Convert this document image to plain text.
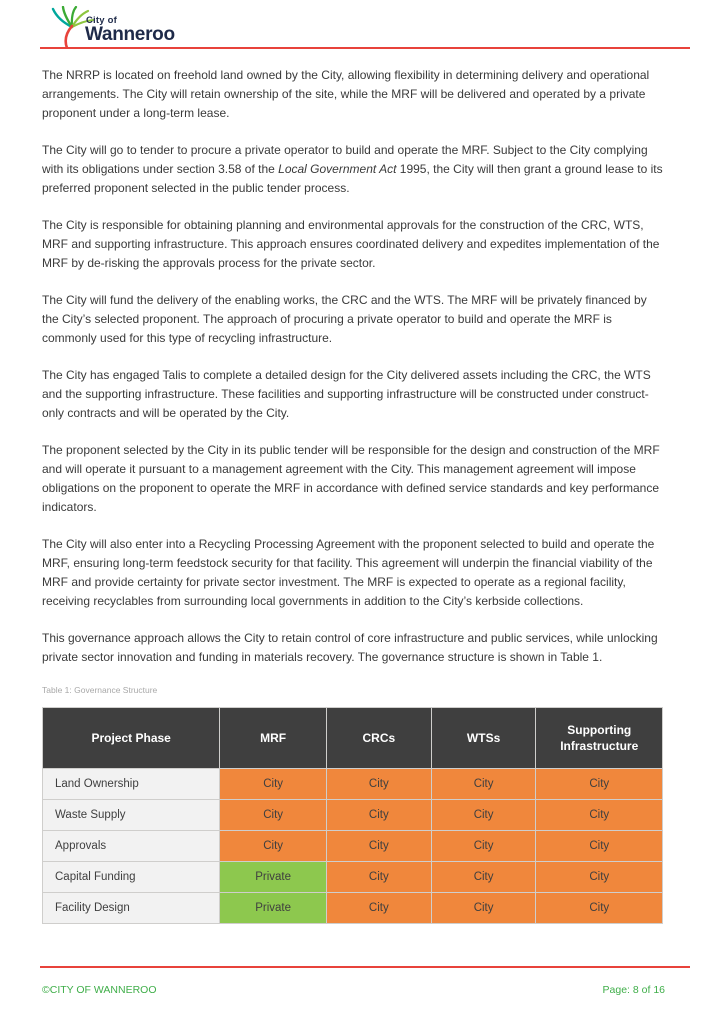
City of
Wanneroo

The NRRP is located on freehold land owned by the City, allowing flexibility in determining delivery and operational arrangements. The City will retain ownership of the site, while the MRF will be delivered and operated by a private proponent under a long-term lease.

The City will go to tender to procure a private operator to build and operate the MRF. Subject to the City complying with its obligations under section 3.58 of the Local Government Act 1995, the City will then grant a ground lease to its preferred proponent selected in the public tender process.

The City is responsible for obtaining planning and environmental approvals for the construction of the CRC, WTS, MRF and supporting infrastructure. This approach ensures coordinated delivery and expedites implementation of the MRF by de-risking the approvals process for the private sector.

The City will fund the delivery of the enabling works, the CRC and the WTS. The MRF will be privately financed by the City’s selected proponent. The approach of procuring a private operator to build and operate the MRF is commonly used for this type of recycling infrastructure.

The City has engaged Talis to complete a detailed design for the City delivered assets including the CRC, the WTS and the supporting infrastructure. These facilities and supporting infrastructure will be constructed under construct-only contracts and will be operated by the City.

The proponent selected by the City in its public tender will be responsible for the design and construction of the MRF and will operate it pursuant to a management agreement with the City. This management agreement will impose obligations on the proponent to operate the MRF in accordance with defined service standards and key performance indicators.

The City will also enter into a Recycling Processing Agreement with the proponent selected to build and operate the MRF, ensuring long-term feedstock security for that facility. This agreement will underpin the financial viability of the MRF and provide certainty for private sector investment. The MRF is expected to operate as a regional facility, receiving recyclables from surrounding local governments in addition to the City’s kerbside collections.

This governance approach allows the City to retain control of core infrastructure and public services, while unlocking private sector innovation and funding in materials recovery. The governance structure is shown in Table 1.

Table 1: Governance Structure
Project Phase	MRF	CRCs	WTSs	Supporting Infrastructure
Land Ownership	City	City	City	City
Waste Supply	City	City	City	City
Approvals	City	City	City	City
Capital Funding	Private	City	City	City
Facility Design	Private	City	City	City
©CITY OF WANNEROO	Page: 8 of 16
